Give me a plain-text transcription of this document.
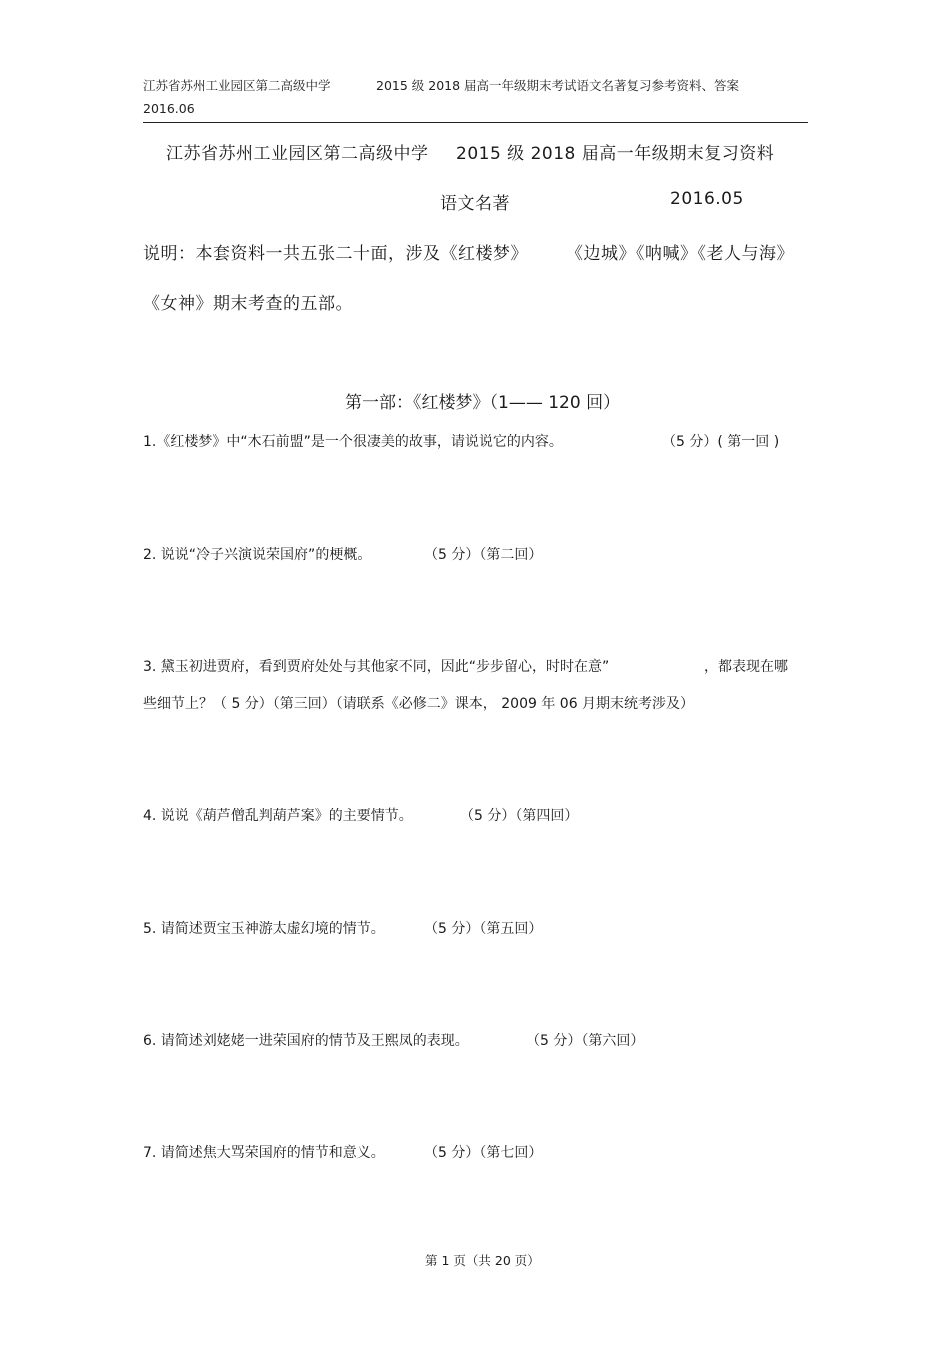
江苏省苏州工业园区第二高级中学	2015 级 2018 届高一年级期末考试语文名著复习参考资料、答案
2016.06
江苏省苏州工业园区第二高级中学 2015 级 2018 届高一年级期末复习资料
语文名著	2016.05
说明：本套资料一共五张二十面，涉及《红楼梦》 《边城》《呐喊》《老人与海》
《女神》期末考查的五部。
第一部：《红楼梦》（1—— 120 回）
1.《红楼梦》中“木石前盟”是一个很凄美的故事，请说说它的内容。	（5 分）( 第一回 )
2. 说说“冷子兴演说荣国府”的梗概。	（5 分）（第二回）
3. 黛玉初进贾府，看到贾府处处与其他家不同，因此“步步留心，时时在意”	，都表现在哪
些细节上？（ 5 分）（第三回）（请联系《必修二》课本， 2009 年 06 月期末统考涉及）
4. 说说《葫芦僧乱判葫芦案》的主要情节。	（5 分）（第四回）
5. 请简述贾宝玉神游太虚幻境的情节。	（5 分）（第五回）
6. 请简述刘姥姥一进荣国府的情节及王熙凤的表现。	（5 分）（第六回）
7. 请简述焦大骂荣国府的情节和意义。	（5 分）（第七回）
第 1 页（共 20 页）
